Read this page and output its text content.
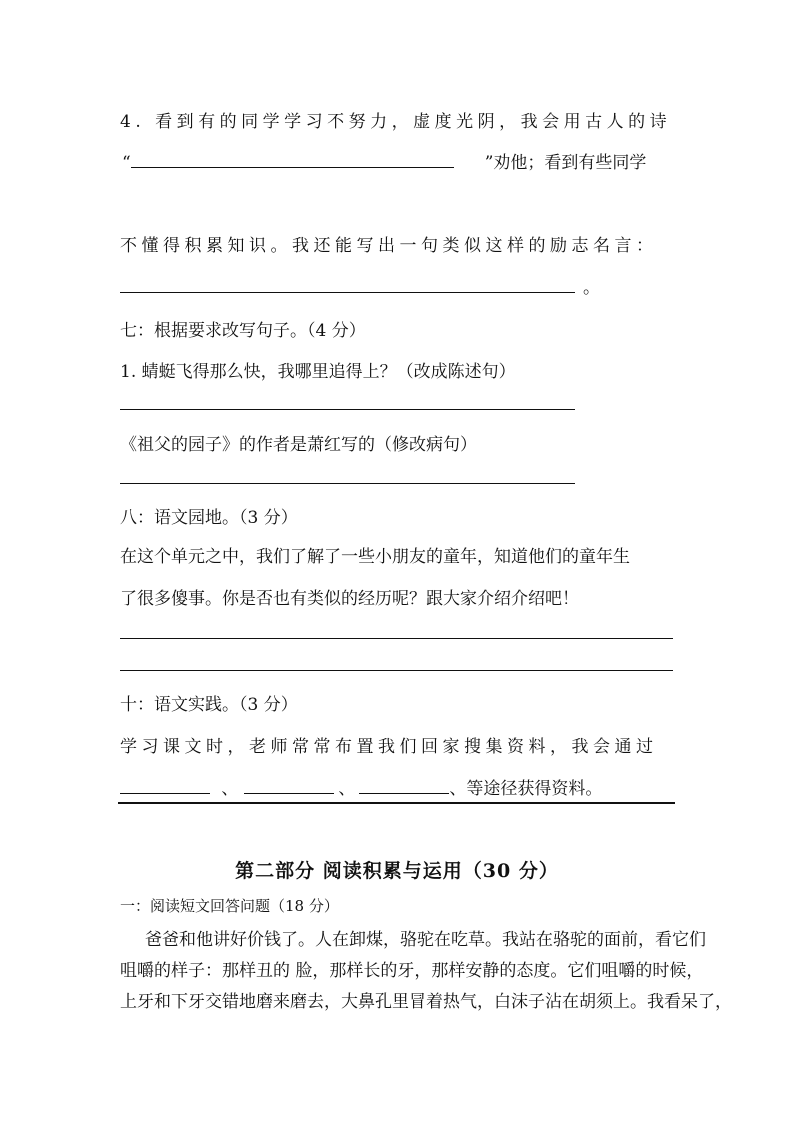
4. 看到有的同学学习不努力，虚度光阴，我会用古人的诗
“	”劝他；看到有些同学
不懂得积累知识。我还能写出一句类似这样的励志名言：
。
七：根据要求改写句子。（4 分）
1. 蜻蜓飞得那么快，我哪里追得上？（改成陈述句）
《祖父的园子》的作者是萧红写的（修改病句）
八：语文园地。（3 分）
在这个单元之中，我们了解了一些小朋友的童年，知道他们的童年生
了很多傻事。你是否也有类似的经历呢？跟大家介绍介绍吧！
十：语文实践。（3 分）
学习课文时，老师常常布置我们回家搜集资料，我会通过
、	、	、等途径获得资料。
第二部分 阅读积累与运用（30 分）
一：阅读短文回答问题（18 分）
　爸爸和他讲好价钱了。人在卸煤，骆驼在吃草。我站在骆驼的面前，看它们
咀嚼的样子：那样丑的 脸，那样长的牙，那样安静的态度。它们咀嚼的时候，
上牙和下牙交错地磨来磨去，大鼻孔里冒着热气，白沫子沾在胡须上。我看呆了，
